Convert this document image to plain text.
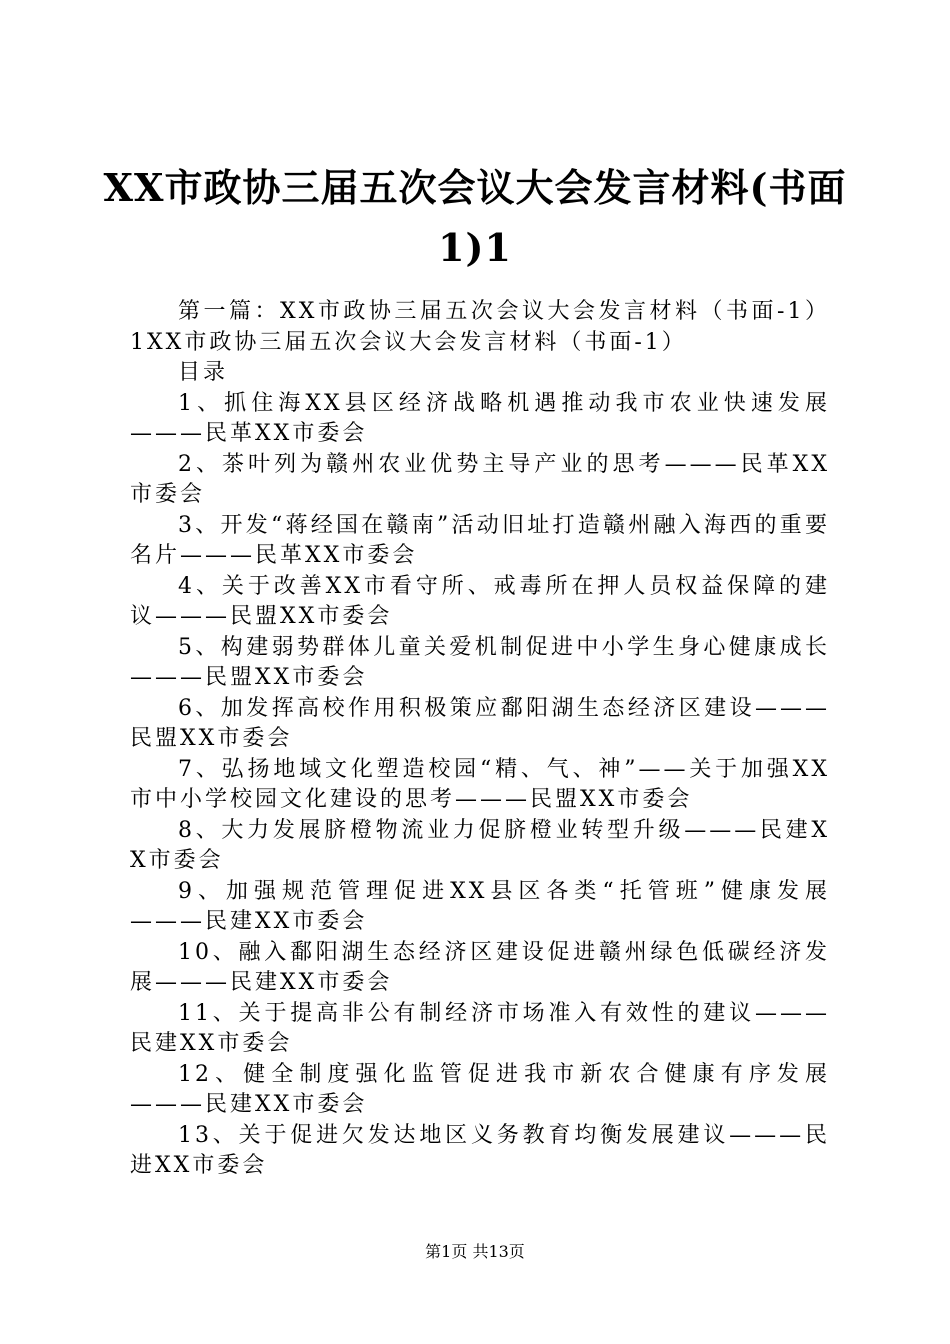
XX市政协三届五次会议大会发言材料(书面
1)1

第一篇：XX市政协三届五次会议大会发言材料（书面-1）1XX市政协三届五次会议大会发言材料（书面-1）

目录

1、抓住海XX县区经济战略机遇推动我市农业快速发展———民革XX市委会

2、茶叶列为赣州农业优势主导产业的思考———民革XX市委会

3、开发“蒋经国在赣南”活动旧址打造赣州融入海西的重要名片———民革XX市委会

4、关于改善XX市看守所、戒毒所在押人员权益保障的建议———民盟XX市委会

5、构建弱势群体儿童关爱机制促进中小学生身心健康成长———民盟XX市委会

6、加发挥高校作用积极策应鄱阳湖生态经济区建设———民盟XX市委会

7、弘扬地域文化塑造校园“精、气、神”——关于加强XX市中小学校园文化建设的思考———民盟XX市委会

8、大力发展脐橙物流业力促脐橙业转型升级———民建XX市委会

9、加强规范管理促进XX县区各类“托管班”健康发展———民建XX市委会

10、融入鄱阳湖生态经济区建设促进赣州绿色低碳经济发展———民建XX市委会

11、关于提高非公有制经济市场准入有效性的建议———民建XX市委会

12、健全制度强化监管促进我市新农合健康有序发展———民建XX市委会

13、关于促进欠发达地区义务教育均衡发展建议———民进XX市委会

第1页 共13页
